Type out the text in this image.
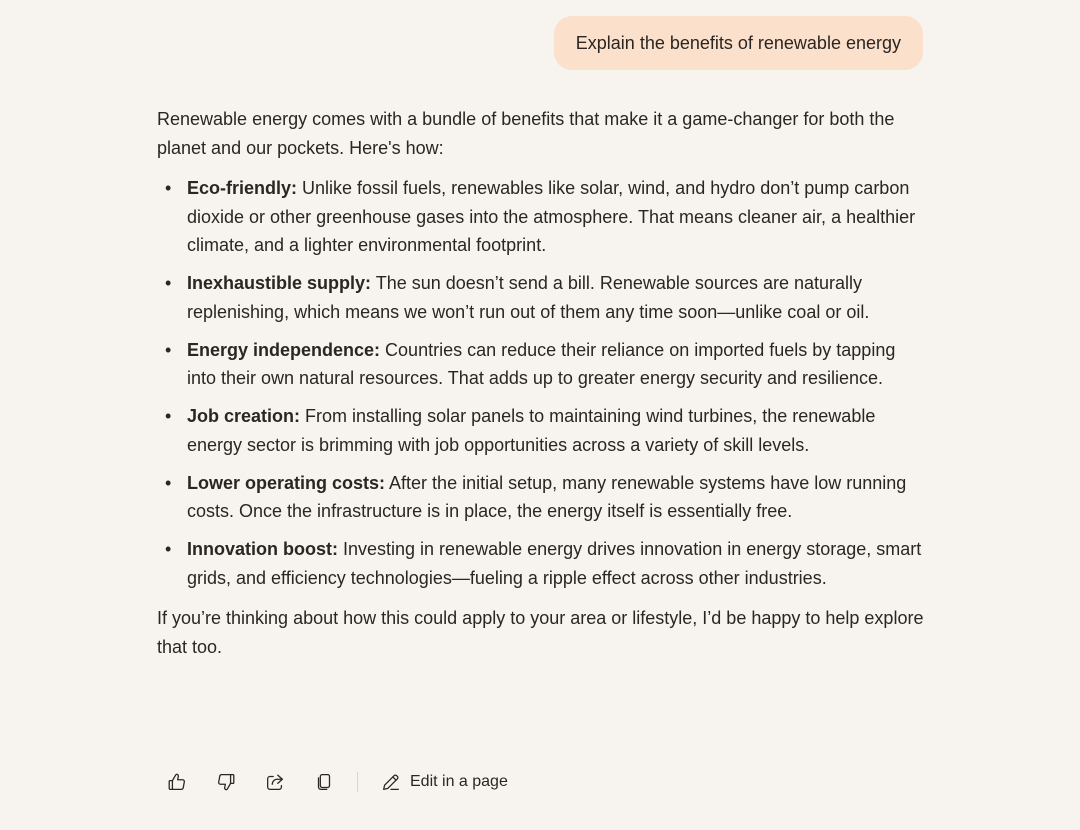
Explain the benefits of renewable energy

Renewable energy comes with a bundle of benefits that make it a game-changer for both the planet and our pockets. Here's how:

• Eco-friendly: Unlike fossil fuels, renewables like solar, wind, and hydro don’t pump carbon dioxide or other greenhouse gases into the atmosphere. That means cleaner air, a healthier climate, and a lighter environmental footprint.
• Inexhaustible supply: The sun doesn’t send a bill. Renewable sources are naturally replenishing, which means we won’t run out of them any time soon—unlike coal or oil.
• Energy independence: Countries can reduce their reliance on imported fuels by tapping into their own natural resources. That adds up to greater energy security and resilience.
• Job creation: From installing solar panels to maintaining wind turbines, the renewable energy sector is brimming with job opportunities across a variety of skill levels.
• Lower operating costs: After the initial setup, many renewable systems have low running costs. Once the infrastructure is in place, the energy itself is essentially free.
• Innovation boost: Investing in renewable energy drives innovation in energy storage, smart grids, and efficiency technologies—fueling a ripple effect across other industries.

If you’re thinking about how this could apply to your area or lifestyle, I’d be happy to help explore that too.

Edit in a page
